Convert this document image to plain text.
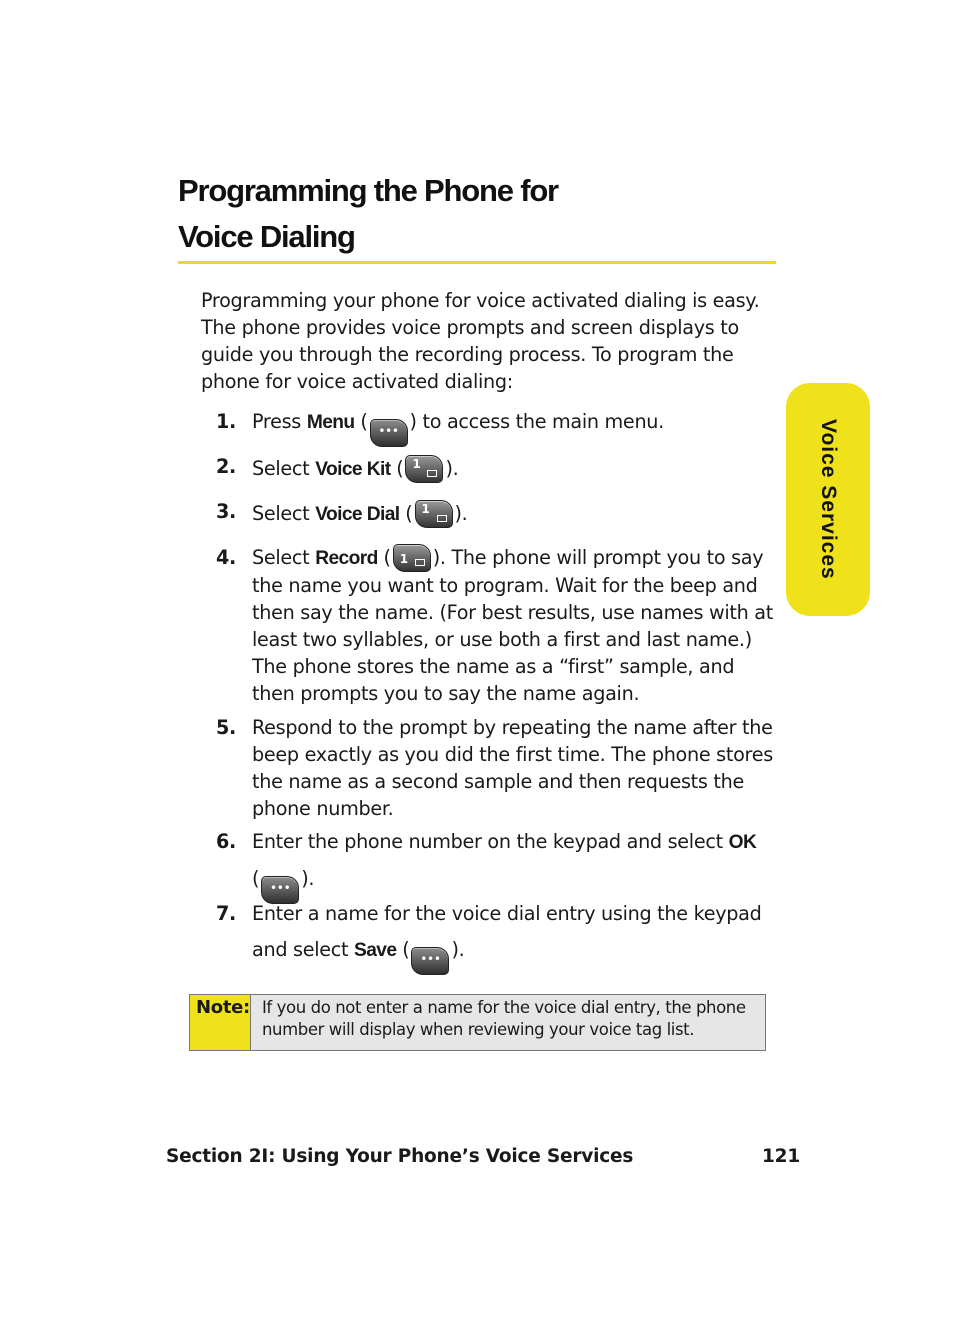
Programming the Phone for
Voice Dialing
Programming your phone for voice activated dialing is easy. The phone provides voice prompts and screen displays to guide you through the recording process. To program the phone for voice activated dialing:
1. Press Menu ( ••• ) to access the main menu.
2. Select Voice Kit ( 1 ).
3. Select Voice Dial ( 1 ).
4. Select Record ( 1 ). The phone will prompt you to say the name you want to program. Wait for the beep and then say the name. (For best results, use names with at least two syllables, or use both a first and last name.) The phone stores the name as a “first” sample, and then prompts you to say the name again.
5. Respond to the prompt by repeating the name after the beep exactly as you did the first time. The phone stores the name as a second sample and then requests the phone number.
6. Enter the phone number on the keypad and select OK
( ••• ).
7. Enter a name for the voice dial entry using the keypad and select Save ( ••• ).
Voice Services
Note: If you do not enter a name for the voice dial entry, the phone number will display when reviewing your voice tag list.
Section 2I: Using Your Phone’s Voice Services	121
